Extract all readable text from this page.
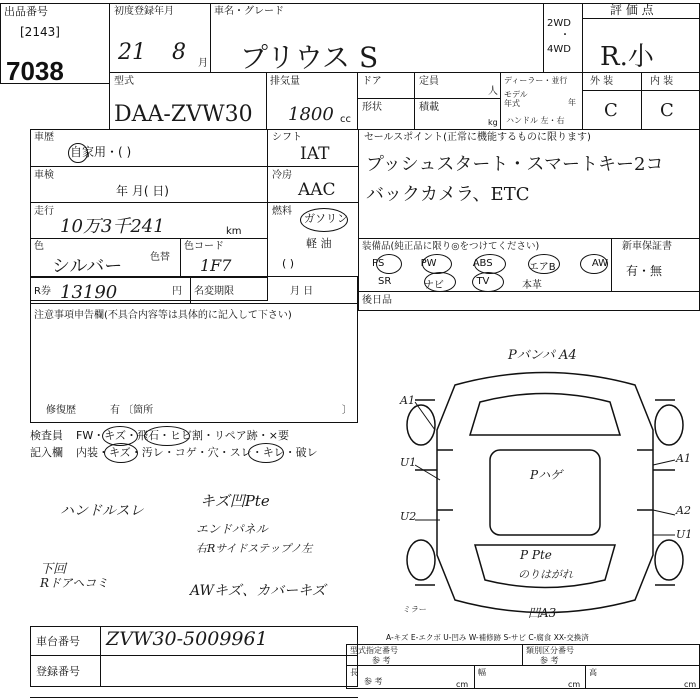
出品番号
[2143]
7038
初度登録年月
21 8 月
車名・グレード
プリウス S
2WD
・
4WD
評 価 点
R.小
型式
DAA-ZVW30
排気量
1800 cc
ドア	定員
人
形状	積載
kg
ディーラー・並行
モデル年式	年
ハンドル 左・右
外 装	内 装
C C
車歴
自家用・( )
車検
年 月( 日)
走行
10万3千241	km
色
シルバー	色替
色コード
1F7
R券 13190	円 名変期限	月 日
シフト
IAT
冷房
AAC
燃料
ガソリン
軽 油
( )
セールスポイント(正常に機能するものに限ります)
プッシュスタート・スマートキー2コ
バックカメラ、ETC
装備品(純正品に限り◎をつけてください)
PS	PW	ABS	エアB	AW
SR	ナビ	TV	本革
新車保証書
有・無
後日品
注意事項申告欄(不具合内容等は具体的に記入して下さい)
修復歴	有 〔箇所	〕
検査員 FW・キズ・飛石・ヒビ割・リペア跡・×要
記入欄 内装・キズ・汚レ・コゲ・穴・スレ・キレ・破レ
ハンドルスレ
キズ凹Pte
エンドパネル
右Rサイドステップノ左
下回
Rドアヘコミ	AWキズ、カバーキズ
Pバンパ A4
Pハゲ
P Pte
のりはがれ
凹A3
A1
U1
U2
A1
A2
U1
ミラー
車台番号 ZVW30-5009961
登録番号
A-キズ E-エクボ U-凹み W-補修跡 S-サビ C-腐食 XX-交換済
型式指定番号
参 考
類別区分番号
参 考
長
参 考	cm
幅
cm
高
cm
